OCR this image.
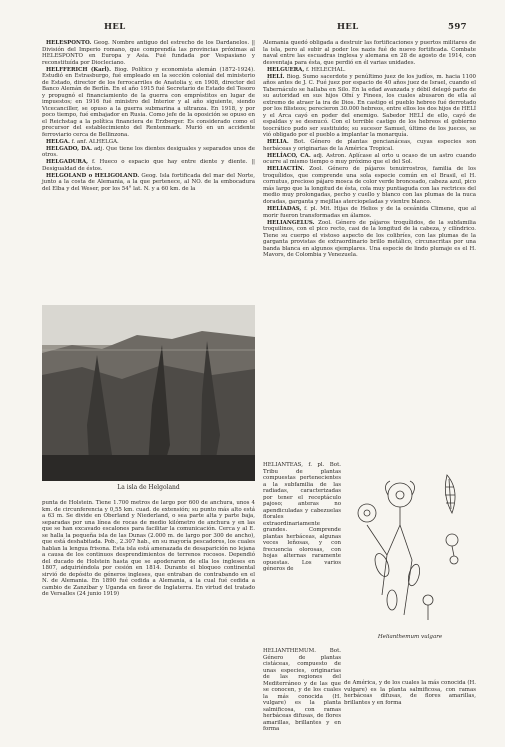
HEL	HEL	597

HELESPONTO. Geog. Nombre antiguo del estrecho de los Dardanelos. || División del Imperio romano, que comprendía las provincias próximas al HELESPONTO en Europa y Asia. Fué fundada por Vespasiano y reconstituída por Diocleciano.

HELFFERICH (Karl). Biog. Político y economista alemán (1872-1924). Estudió en Estrasburgo, fué empleado en la sección colonial del ministerio de Estado, director de los ferrocarriles de Anatolia y, en 1908, director del Banco Alemán de Berlín. En el año 1915 fué Secretario de Estado del Tesoro y propugnó el financiamiento de la guerra con empréstitos en lugar de impuestos; en 1916 fué ministro del Interior y al año siguiente, siendo Vicecanciller, se opuso a la guerra submarina a ultranza. En 1918, y por poco tiempo, fué embajador en Rusia. Como jefe de la oposición se opuso en el Reichstag a la política financiera de Erzberger. Es considerado como el precursor del establecimiento del Rentenmark. Murió en un accidente ferroviario cerca de Bellinzona.

HELGA. f. anf. ALHELGA.

HELGADO, DA. adj. Que tiene los dientes desiguales y separados unos de otros.

HELGADURA, f. Hueco o espacio que hay entre diente y diente. || Desigualdad de éstos.

HELGOLAND o HELIGOLAND. Geog. Isla fortificada del mar del Norte, junto a la costa de Alemania, a la que pertenece, al NO. de la embocadura del Elba y del Weser, por los 54° lat. N. y a 60 km. de la

La isla de Helgoland

punta de Holstein. Tiene 1.700 metros de largo por 600 de anchura, unos 4 km. de circunferencia y 0,55 km. cuad. de extensión; su punto más alto está a 63 m. Se divide en Oberland y Niederland, o sea parte alta y parte baja, separadas por una línea de rocas de medio kilómetro de anchura y en las que se han excavado escalones para facilitar la comunicación. Cerca y al E. se halla la pequeña isla de las Dunas (2.000 m. de largo por 300 de ancho), que está deshabitada. Pob., 2.307 hab., en su mayoría pescadores, los cuales hablan la lengua frisona. Esta isla está amenazada de desaparición no lejana a causa de los continuos desprendimientos de terrenos rocosos. Dependió del ducado de Holstein hasta que se apoderaron de ella los ingleses en 1807, adquiriéndola por cesión en 1814. Durante el bloqueo continental sirvió de depósito de géneros ingleses, que entraban de contrabando en el N. de Alemania. En 1890 fué cedida a Alemania, a la cual fué cedida a cambio de Zanzíbar y Uganda en favor de Inglaterra. En virtud del tratado de Versalles (24 junio 1919)

Alemania quedó obligada a destruir las fortificaciones y puertos militares de la isla, pero al subir al poder los nazis fué de nuevo fortificada. Combate naval entre las escuadras inglesa y alemana en 28 de agosto de 1914, con desventaja para ésta, que perdió en él varias unidades.

HELGUERA, f. HELECHAL.

HELÍ. Biog. Sumo sacerdote y penúltimo juez de los judíos, m. hacia 1100 años antes de J. C. Fué juez por espacio de 40 años juez de Israel, cuando el Tabernáculo se hallaba en Silo. En la edad avanzada y débil delegó parte de su autoridad en sus hijos Ofní y Finees, los cuales abusaron de ella al extremo de atraer la ira de Dios. En castigo el pueblo hebreo fué derrotado por los filisteos; perecieron 30.000 hebreos, entre ellos los dos hijos de HELÍ y el Arca cayó en poder del enemigo. Sabedor HELÍ de ello, cayó de espaldas y se desnucó. Con el terrible castigo de los hebreos el gobierno teocrático pudo ser sustituido; su sucesor Samuel, último de los jueces, se vió obligado por el pueblo a implantar la monarquía.

HELIA. Bot. Género de plantas gencianáceas, cuyas especies son herbáceas y originarias de la América Tropical.

HELÍACO, CA. adj. Astron. Aplícase al orto u ocaso de un astro cuando ocurre al mismo tiempo o muy próximo que el del Sol.

HELIACTÍN. Zool. Género de pájaros tenuirrostros, familia de los troquílidos, que comprende una sola especie común en el Brasil, el H. cornutus, precioso pájaro mosca de color verde bronceado, cabeza azul, pico más largo que la longitud de ésta, cola muy puntiaguda con las rectrices del medio muy prolongadas, pecho y cuello y blanco con las plumas de la nuca doradas, garganta y mejillas aterciopeladas y vientre blanco.

HELÍADAS, f. pl. Mit. Hijas de Helios y de la oceánida Climene, que al morir fueron transformadas en álamos.

HELIANGELUS. Zool. Género de pájaros troquílidos, de la subfamilia troquilinos, con el pico recto, casi de la longitud de la cabeza, y cilíndrico. Tiene su cuerpo el vistoso aspecto de los colibríes, con las plumas de la garganta provistas de extraordinario brillo metálico, circunscritas por una banda blanca en algunos ejemplares. Una especie de lindo plumaje es el H. Mavors, de Colombia y Venezuela.

HELIANTEAS, f. pl. Bot. Tribu de plantas compuestas pertenecientes a la subfamilia de las radiadas, caracterizadas por tener el receptáculo pajoso; anteras no apendiculadas y cabezuelas florales extraordinariamente grandes. Comprende plantas herbáceas, algunas veces leñosas, y con frecuencia olorosas, con hojas alternas raramente opuestas. Los varios géneros de

Helianthemum vulgare

HELIANTHEMUM. Bot. Género de plantas cistáceas, compuesto de unas especies, originarias de las regiones del Mediterráneo y de las que se conocen, y de los cuales la más conocida (H. vulgare) es la planta salmificosa, con ramas herbáceas difusas, de flores amarillas, brillantes y en forma

de América, y de los cuales la más conocida (H. vulgare) es la planta salmificosa, con ramas herbáceas difusas, de flores amarillas, brillantes y en forma
